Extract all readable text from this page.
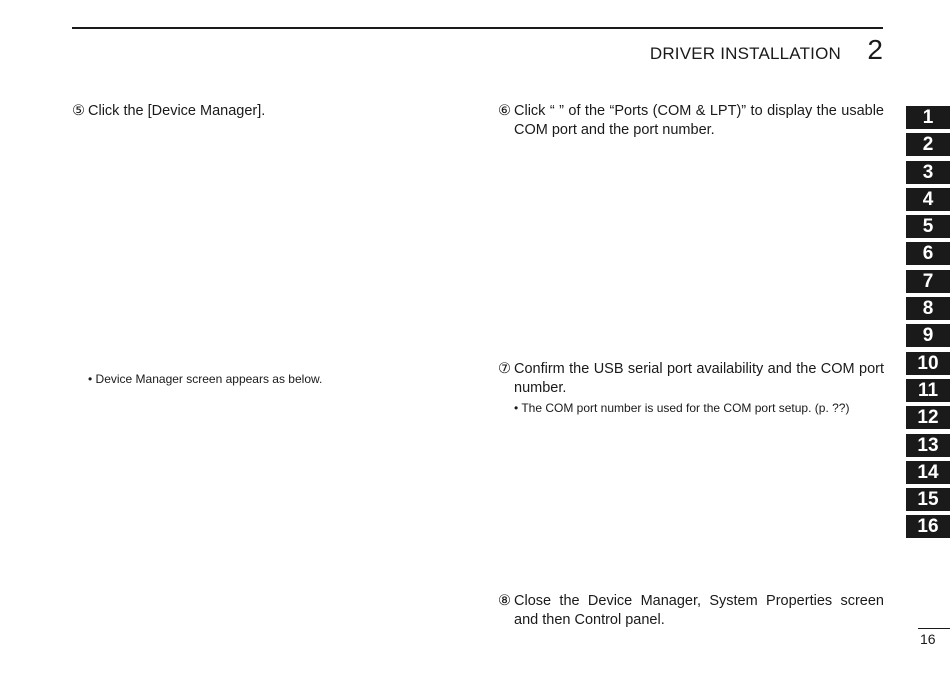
DRIVER INSTALLATION 2
⑤ Click the [Device Manager].
• Device Manager screen appears as below.
⑥ Click “ ” of the “Ports (COM & LPT)” to display the usable COM port and the port number.
⑦ Confirm the USB serial port availability and the COM port number.
• The COM port number is used for the COM port setup. (p. ??)
⑧ Close the Device Manager, System Properties screen and then Control panel.
1
2
3
4
5
6
7
8
9
10
11
12
13
14
15
16
16
